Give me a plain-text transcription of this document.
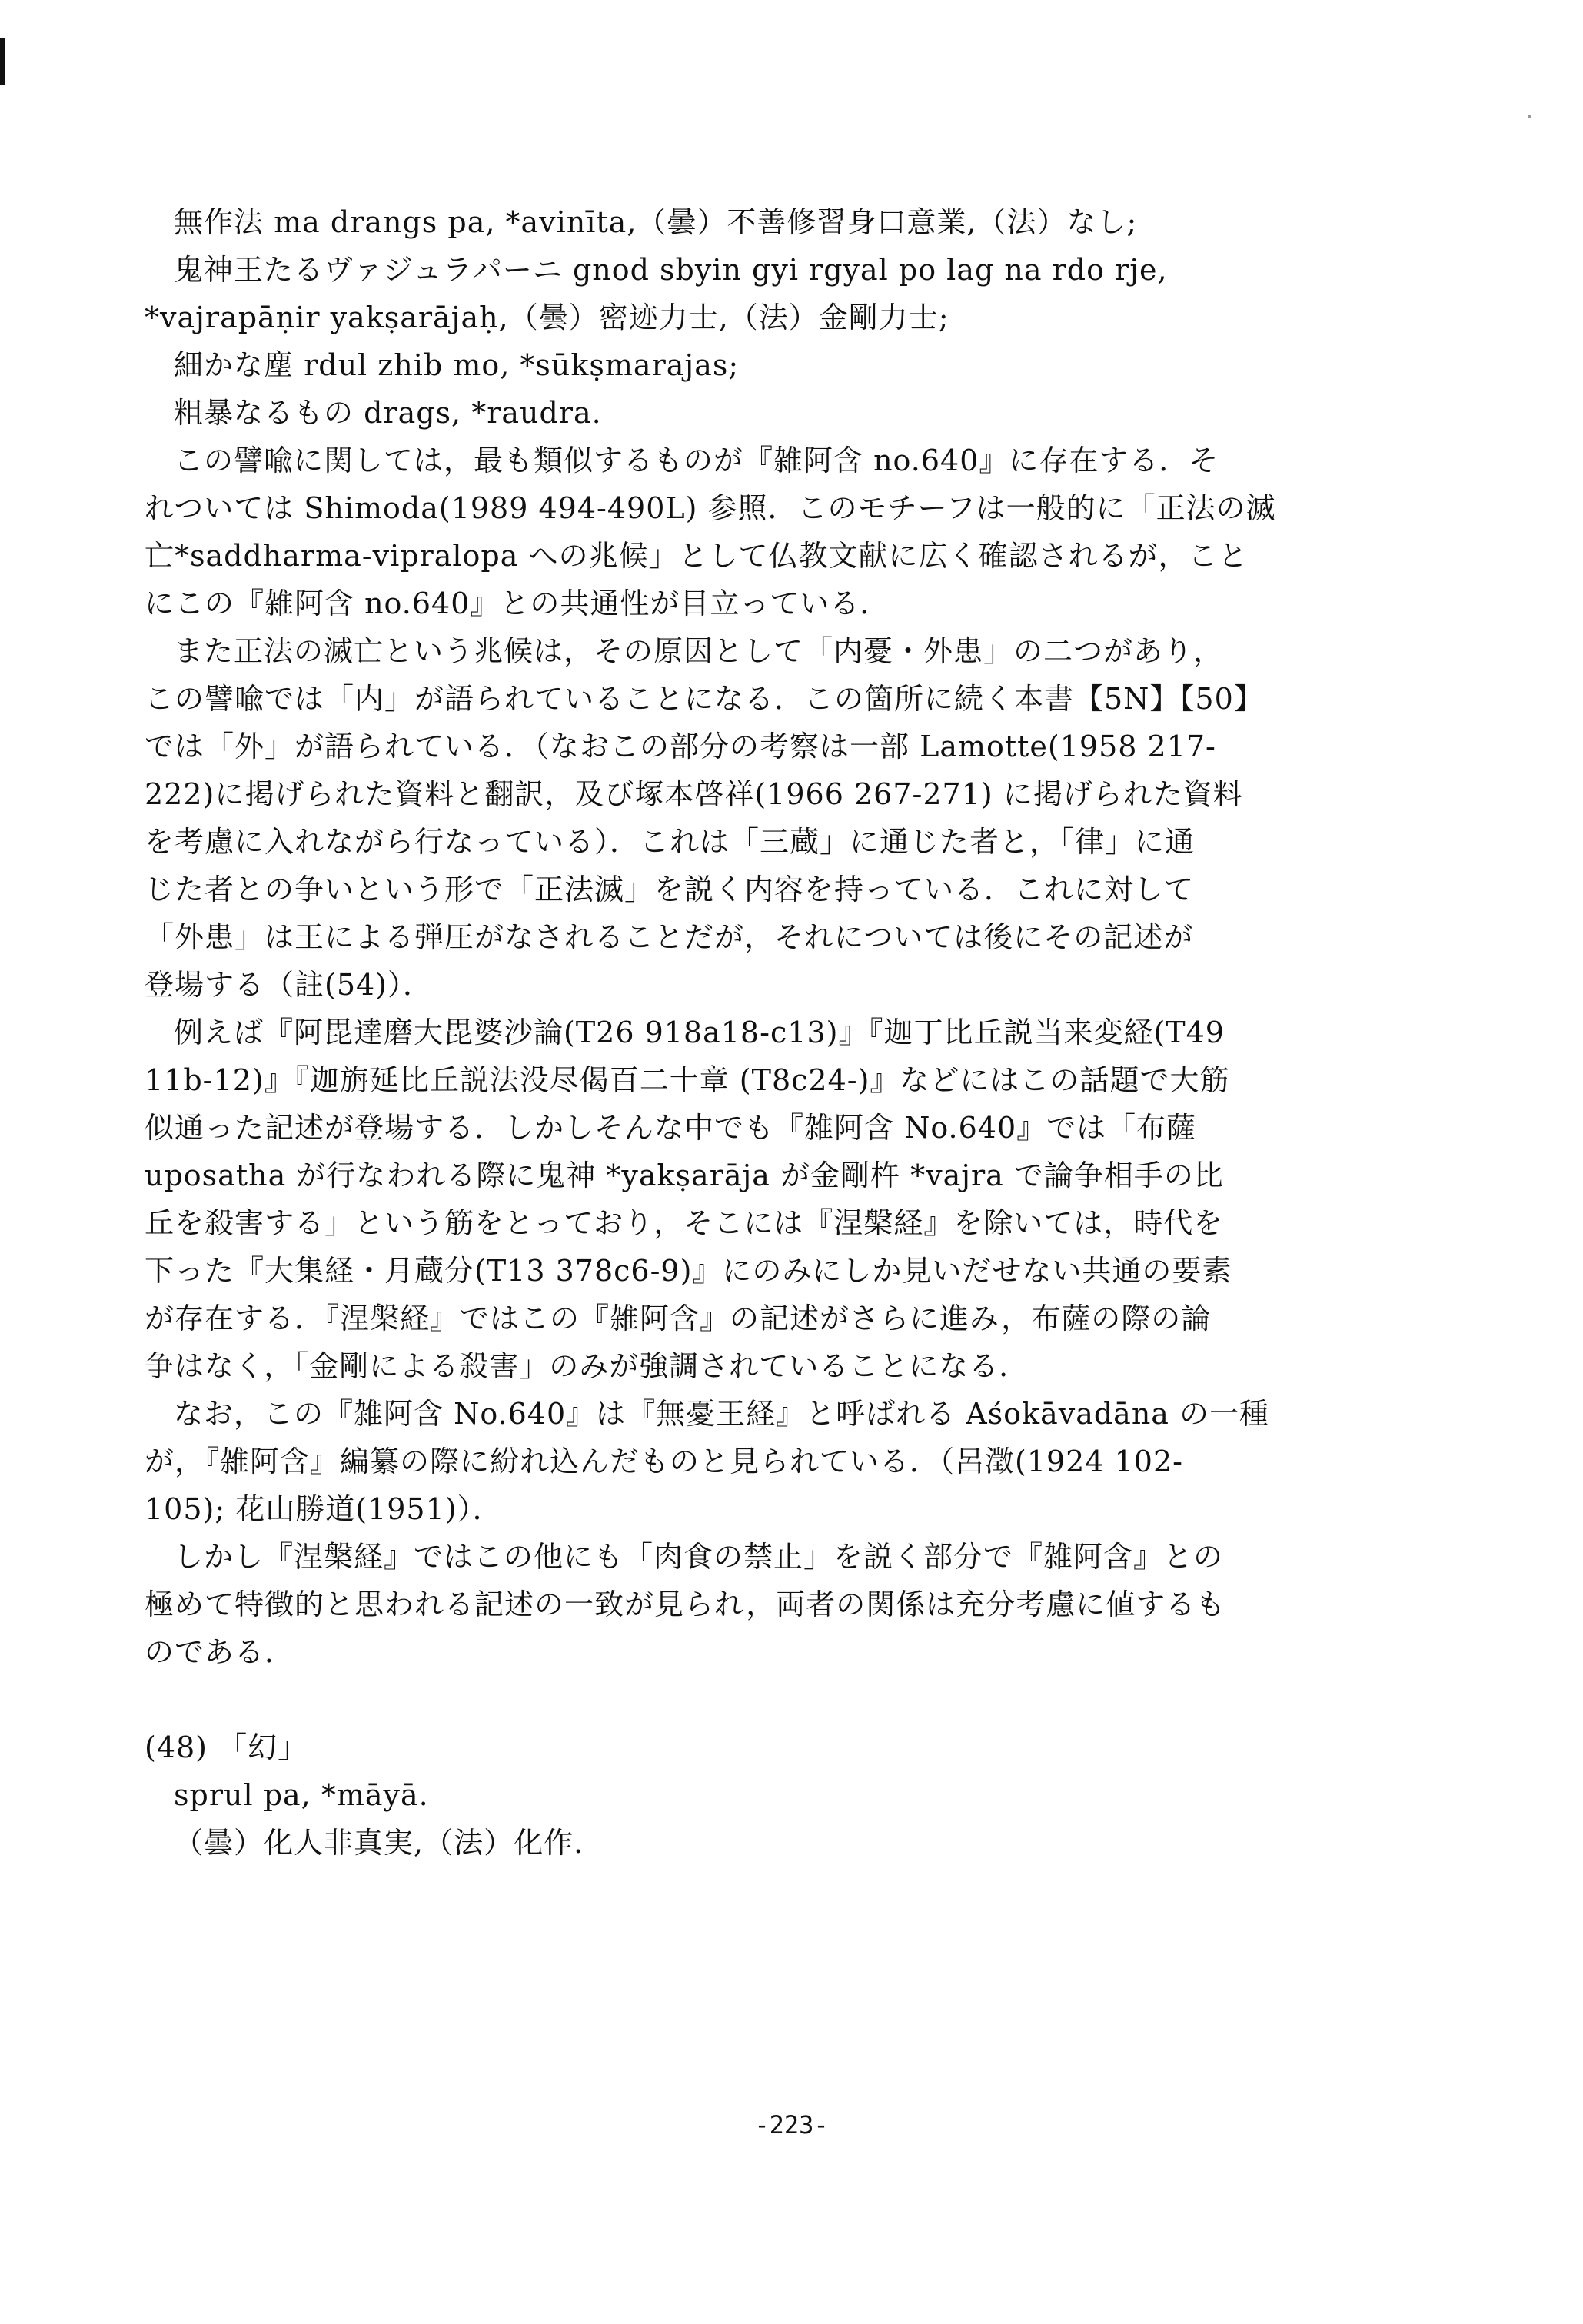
無作法 ma drangs pa, *avinīta,（曇）不善修習身口意業,（法）なし;
鬼神王たるヴァジュラパーニ gnod sbyin gyi rgyal po lag na rdo rje,
*vajrapāṇir yakṣarājaḥ,（曇）密迹力士,（法）金剛力士;
細かな塵 rdul zhib mo, *sūkṣmarajas;
粗暴なるもの drags, *raudra.
この譬喩に関しては，最も類似するものが『雑阿含 no.640』に存在する．そ
れついては Shimoda(1989 494-490L) 参照．このモチーフは一般的に「正法の滅
亡*saddharma-vipralopa への兆候」として仏教文献に広く確認されるが，こと
にこの『雑阿含 no.640』との共通性が目立っている．
また正法の滅亡という兆候は，その原因として「内憂・外患」の二つがあり，
この譬喩では「内」が語られていることになる．この箇所に続く本書【5N】【50】
では「外」が語られている．（なおこの部分の考察は一部 Lamotte(1958 217-
222)に掲げられた資料と翻訳，及び塚本啓祥(1966 267-271) に掲げられた資料
を考慮に入れながら行なっている）．これは「三蔵」に通じた者と，「律」に通
じた者との争いという形で「正法滅」を説く内容を持っている．これに対して
「外患」は王による弾圧がなされることだが，それについては後にその記述が
登場する（註(54)）．
例えば『阿毘達磨大毘婆沙論(T26 918a18-c13)』『迦丁比丘説当来変経(T49
11b-12)』『迦旃延比丘説法没尽偈百二十章 (T8c24-)』などにはこの話題で大筋
似通った記述が登場する．しかしそんな中でも『雑阿含 No.640』では「布薩
uposatha が行なわれる際に鬼神 *yakṣarāja が金剛杵 *vajra で論争相手の比
丘を殺害する」という筋をとっており，そこには『涅槃経』を除いては，時代を
下った『大集経・月蔵分(T13 378c6-9)』にのみにしか見いだせない共通の要素
が存在する．『涅槃経』ではこの『雑阿含』の記述がさらに進み，布薩の際の論
争はなく，「金剛による殺害」のみが強調されていることになる．
なお，この『雑阿含 No.640』は『無憂王経』と呼ばれる Aśokāvadāna の一種
が，『雑阿含』編纂の際に紛れ込んだものと見られている．（呂澂(1924 102-
105); 花山勝道(1951)）．
しかし『涅槃経』ではこの他にも「肉食の禁止」を説く部分で『雑阿含』との
極めて特徴的と思われる記述の一致が見られ，両者の関係は充分考慮に値するも
のである．
(48) 「幻」
sprul pa, *māyā.
（曇）化人非真実,（法）化作.
-223-
